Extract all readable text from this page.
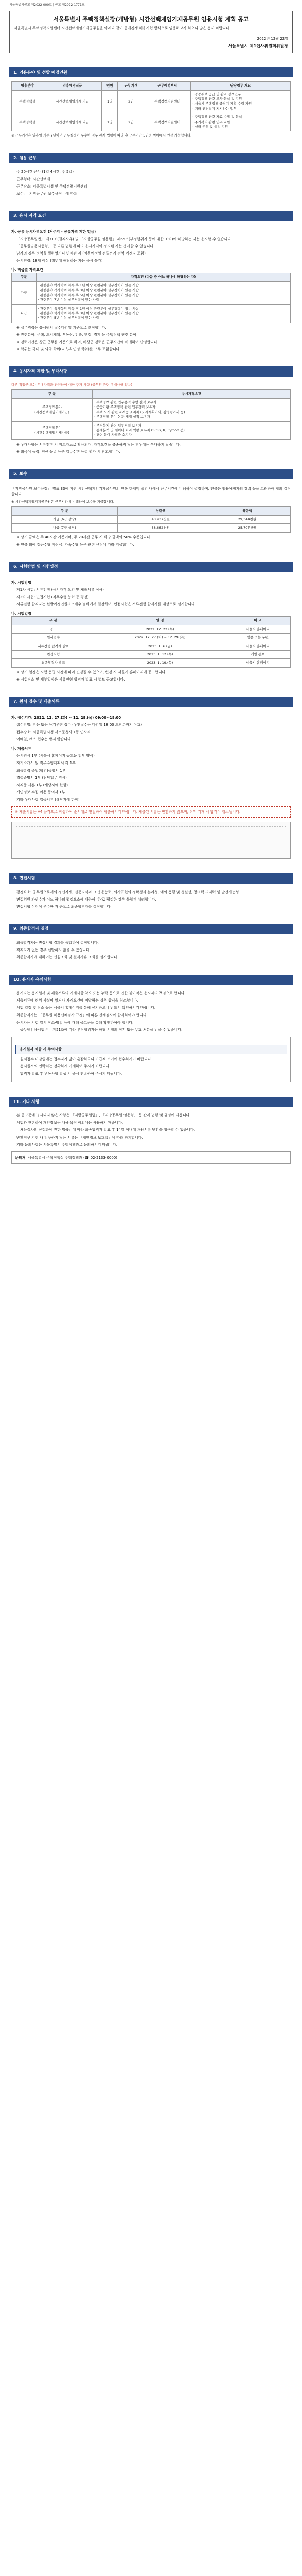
서울특별시공고 제2022-000호 | 공고 제2022-1771호
서울특별시 주택정책실장(개방형) 시간선택제임기제공무원 임용시험 계획 공고
서울특별시 주택정책지원센터 시간선택제임기제공무원을 아래와 같이 공개경쟁 채용시험 방식으로 임용하고자 하오니 많은 응시 바랍니다.
2022년 12월 22일
서울특별시 제1인사위원회위원장
1. 임용분야 및 선발 예정인원
임용분야	임용예정직급	인원	근무기간	근무예정부서	담당업무 개요
주택정책실	시간선택제임기제 가급	1명	2년	주택정책지원센터	· 공공주택 공급 및 관리 정책연구
· 주택정책 관련 조사·분석 및 지원
· 서울시 주택정책 중장기 계획 수립 지원
· 기타 센터장이 지시하는 업무
주택정책실	시간선택제임기제 나급	1명	2년	주택정책지원센터	· 주택정책 관련 자료 수집 및 분석
· 주거복지 관련 연구 지원
· 센터 운영 및 행정 지원
※ 근무기간은 임용일 기준 2년이며 근무실적이 우수한 경우 관계 법령에 따라 총 근무기간 5년의 범위에서 연장 가능합니다.
2. 임용 근무
주 20시간 근무 (1일 4시간, 주 5일)
근무형태: 시간선택제
근무장소: 서울특별시청 및 주택정책지원센터
보수: 「지방공무원 보수규정」에 따름
3. 응시 자격 요건
가. 공통 응시자격요건 (거주지 - 공통자격 제한 없음)
「지방공무원법」 제31조(결격사유) 및 「지방공무원 임용령」 제65조(부정행위자 등에 대한 조치)에 해당하는 자는 응시할 수 없습니다.
「공무원임용시험령」 등 다른 법령에 따라 응시자격이 정지된 자는 응시할 수 없습니다.
남자의 경우 병역을 필하였거나 면제된 자 (임용예정일 전일까지 전역 예정자 포함)
응시연령: 18세 이상 (정년에 해당하는 자는 응시 불가)
나. 직급별 자격요건
구분	자격요건 (다음 중 어느 하나에 해당하는 자)
가급	· 관련분야 박사학위 취득 후 1년 이상 관련분야 실무경력이 있는 사람
· 관련분야 석사학위 취득 후 3년 이상 관련분야 실무경력이 있는 사람
· 관련분야 학사학위 취득 후 5년 이상 관련분야 실무경력이 있는 사람
· 관련분야 7년 이상 실무경력이 있는 사람
나급	· 관련분야 석사학위 취득 후 1년 이상 관련분야 실무경력이 있는 사람
· 관련분야 학사학위 취득 후 3년 이상 관련분야 실무경력이 있는 사람
· 관련분야 5년 이상 실무경력이 있는 사람
※ 실무경력은 응시원서 접수마감일 기준으로 산정합니다.
※ 관련분야: 주택, 도시계획, 부동산, 건축, 행정, 경제 등 주택정책 관련 분야
※ 경력기간은 상근 근무를 기준으로 하며, 비상근 경력은 근무시간에 비례하여 산정합니다.
※ 학위는 국내 및 외국 학위(교육부 인정 학위)를 모두 포함합니다.
4. 응시자격 제한 및 우대사항
다른 직업군 또는 우대자격과 관련하여 대한 추가 사항 (공무원 관련 우대사항 없음)
구 분	응시자격요건
주택정책분야
(시간선택제임기제가급)	· 주택정책 관련 연구용역 수행 실적 보유자
· 공공기관 주택정책 관련 업무경력 보유자
· 주택·도시 관련 자격증 소지자 (도시계획기사, 감정평가사 등)
· 주택정책 분야 논문 게재 실적 보유자
주택정책분야
(시간선택제임기제나급)	· 주거복지 관련 업무경력 보유자
· 통계분석 및 데이터 처리 역량 보유자 (SPSS, R, Python 등)
· 관련 분야 자격증 소지자
※ 우대사항은 서류전형 시 참고자료로 활용되며, 자격요건을 충족하지 않는 경우에는 우대하지 않습니다.
※ 외국어 능력, 전산 능력 등은 업무수행 능력 평가 시 참고합니다.
5. 보수
「지방공무원 보수규정」 별표 33에 따른 시간선택제임기제공무원의 연봉 한계액 범위 내에서 근무시간에 비례하여 결정하며, 연봉은 임용예정자의 경력 등을 고려하여 협의 결정합니다.
※ 시간선택제임기제공무원은 근무시간에 비례하여 보수를 지급합니다.
구 분	상한액	하한액
가급 (6급 상당)	43,937천원	29,344천원
나급 (7급 상당)	38,662천원	25,707천원
※ 상기 금액은 주 40시간 기준이며, 주 20시간 근무 시 해당 금액의 50% 수준입니다.
※ 연봉 외에 정근수당 가산금, 가족수당 등은 관련 규정에 따라 지급합니다.
6. 시험방법 및 시험일정
가. 시험방법
제1차 시험: 서류전형 (응시자격 요건 및 제출서류 심사)
제2차 시험: 면접시험 (직무수행 능력 등 평정)
서류전형 합격자는 선발예정인원의 5배수 범위에서 결정하며, 면접시험은 서류전형 합격자를 대상으로 실시합니다.
나. 시험일정
구 분	일 정	비 고
공고	2022. 12. 22.(목)	서울시 홈페이지
원서접수	2022. 12. 27.(화) ~ 12. 29.(목)	방문 또는 우편
서류전형 합격자 발표	2023. 1. 6.(금)	서울시 홈페이지
면접시험	2023. 1. 12.(목)	개별 통보
최종합격자 발표	2023. 1. 19.(목)	서울시 홈페이지
※ 상기 일정은 시험 운영 사정에 따라 변경될 수 있으며, 변경 시 서울시 홈페이지에 공고합니다.
※ 시험장소 및 세부일정은 서류전형 합격자 발표 시 별도 공고합니다.
7. 원서 접수 및 제출서류
가. 접수기간: 2022. 12. 27.(화) ~ 12. 29.(목) 09:00~18:00
접수방법: 방문 또는 등기우편 접수 (우편접수는 마감일 18:00 도착분까지 유효)
접수장소: 서울특별시청 서소문청사 1동 인사과
이메일, 팩스 접수는 받지 않습니다.
나. 제출서류
응시원서 1부 (서울시 홈페이지 공고문 첨부 양식)
자기소개서 및 직무수행계획서 각 1부
최종학력 졸업(학위)증명서 1부
경력증명서 1부 (담당업무 명시)
자격증 사본 1부 (해당자에 한함)
개인정보 수집·이용 동의서 1부
기타 우대사항 입증서류 (해당자에 한함)
※ 제출서류는 A4 규격으로 작성하여 순서대로 편철하여 제출하시기 바랍니다. 제출된 서류는 반환하지 않으며, 허위 기재 시 합격이 취소됩니다.
8. 면접시험
평정요소: 공무원으로서의 정신자세, 전문지식과 그 응용능력, 의사표현의 정확성과 논리성, 예의·품행 및 성실성, 창의력·의지력 및 발전가능성
면접위원 과반수가 어느 하나의 평정요소에 대하여 '하'로 평정한 경우 불합격 처리합니다.
면접시험 성적이 우수한 자 순으로 최종합격자를 결정합니다.
9. 최종합격자 결정
최종합격자는 면접시험 결과를 종합하여 결정합니다.
적격자가 없는 경우 선발하지 않을 수 있습니다.
최종합격자에 대하여는 신원조회 및 결격사유 조회를 실시합니다.
10. 응시자 유의사항
응시자는 응시원서 및 제출서류의 기재사항 착오 또는 누락 등으로 인한 불이익은 응시자의 책임으로 합니다.
제출서류에 허위 사실이 있거나 자격요건에 미달하는 경우 합격을 취소합니다.
시험 일정 및 장소 등은 서울시 홈페이지를 통해 공지하오니 반드시 확인하시기 바랍니다.
최종합격자는 「공무원 채용신체검사 규정」에 따른 신체검사에 합격하여야 합니다.
응시자는 시험 일시·장소·방법 등에 대해 공고문을 통해 확인하여야 합니다.
「공무원임용시험령」 제51조에 따라 부정행위자는 해당 시험의 정지 또는 무효 처분을 받을 수 있습니다.
응시원서 제출 시 주의사항
원서접수 마감일에는 접수자가 많아 혼잡하오니 가급적 조기에 접수하시기 바랍니다.
응시원서의 연락처는 정확하게 기재하여 주시기 바랍니다.
합격자 발표 후 변동사항 발생 시 즉시 연락하여 주시기 바랍니다.
11. 기타 사항
본 공고문에 명시되지 않은 사항은 「지방공무원법」, 「지방공무원 임용령」 등 관계 법령 및 규정에 따릅니다.
시험과 관련하여 개인정보는 채용 목적 이외에는 사용하지 않습니다.
「채용절차의 공정화에 관한 법률」에 따라 최종합격자 발표 후 14일 이내에 채용서류 반환을 청구할 수 있습니다.
반환청구 기간 내 청구하지 않은 서류는 「개인정보 보호법」에 따라 파기합니다.
기타 문의사항은 서울특별시 주택정책과로 문의하시기 바랍니다.
문의처: 서울특별시 주택정책실 주택정책과 (☎ 02-2133-0000)
